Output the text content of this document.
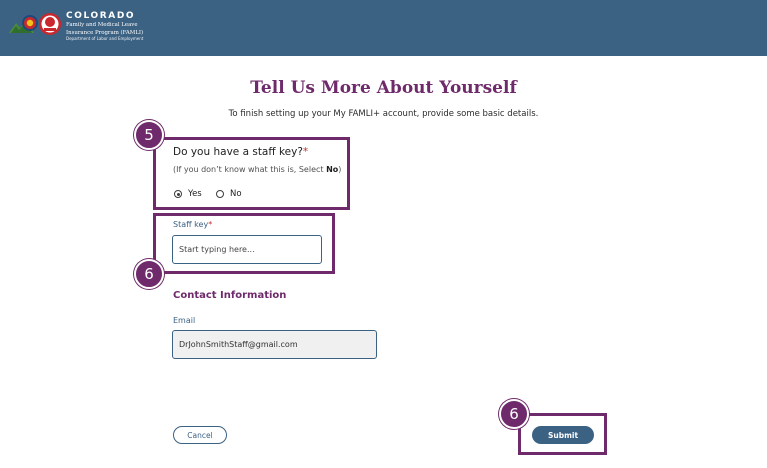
COLORADO
Family and Medical Leave
Insurance Program (FAMLI)
Department of Labor and Employment
Tell Us More About Yourself
To finish setting up your My FAMLI+ account, provide some basic details.
Do you have a staff key?*
(If you don’t know what this is, Select No)
Yes	No
Staff key*
Start typing here...
Contact Information
Email
DrJohnSmithStaff@gmail.com
Cancel	Submit
5
6
6
